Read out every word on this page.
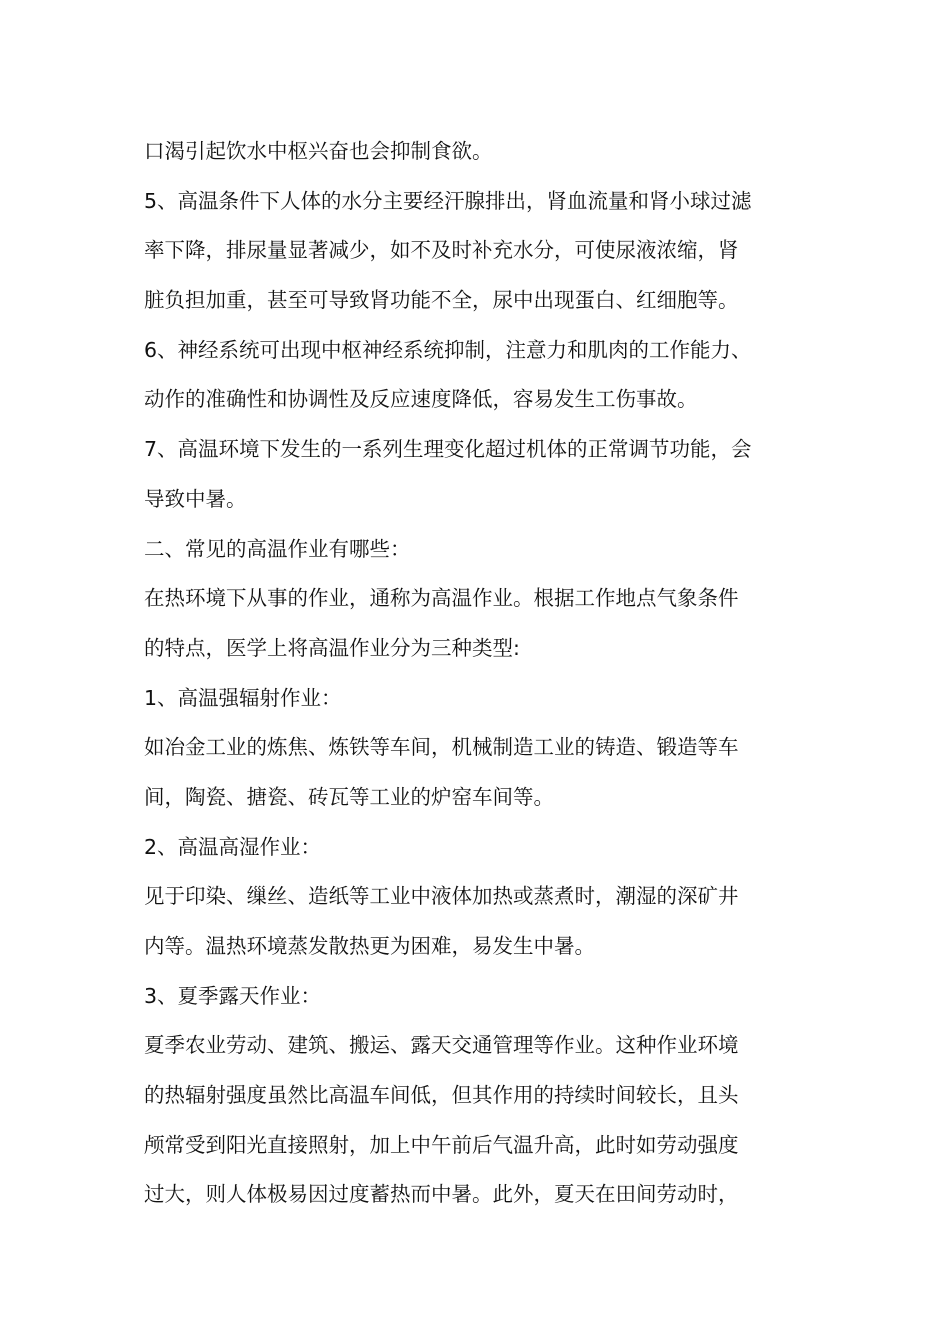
口渴引起饮水中枢兴奋也会抑制食欲。
5、高温条件下人体的水分主要经汗腺排出，肾血流量和肾小球过滤
率下降，排尿量显著减少，如不及时补充水分，可使尿液浓缩，肾
脏负担加重，甚至可导致肾功能不全，尿中出现蛋白、红细胞等。
6、神经系统可出现中枢神经系统抑制，注意力和肌肉的工作能力、
动作的准确性和协调性及反应速度降低，容易发生工伤事故。
7、高温环境下发生的一系列生理变化超过机体的正常调节功能，会
导致中暑。
二、常见的高温作业有哪些：
在热环境下从事的作业，通称为高温作业。根据工作地点气象条件
的特点，医学上将高温作业分为三种类型:
1、高温强辐射作业：
如冶金工业的炼焦、炼铁等车间，机械制造工业的铸造、锻造等车
间，陶瓷、搪瓷、砖瓦等工业的炉窑车间等。
2、高温高湿作业：
见于印染、缫丝、造纸等工业中液体加热或蒸煮时，潮湿的深矿井
内等。温热环境蒸发散热更为困难，易发生中暑。
3、夏季露天作业：
夏季农业劳动、建筑、搬运、露天交通管理等作业。这种作业环境
的热辐射强度虽然比高温车间低，但其作用的持续时间较长，且头
颅常受到阳光直接照射，加上中午前后气温升高，此时如劳动强度
过大，则人体极易因过度蓄热而中暑。此外，夏天在田间劳动时，
